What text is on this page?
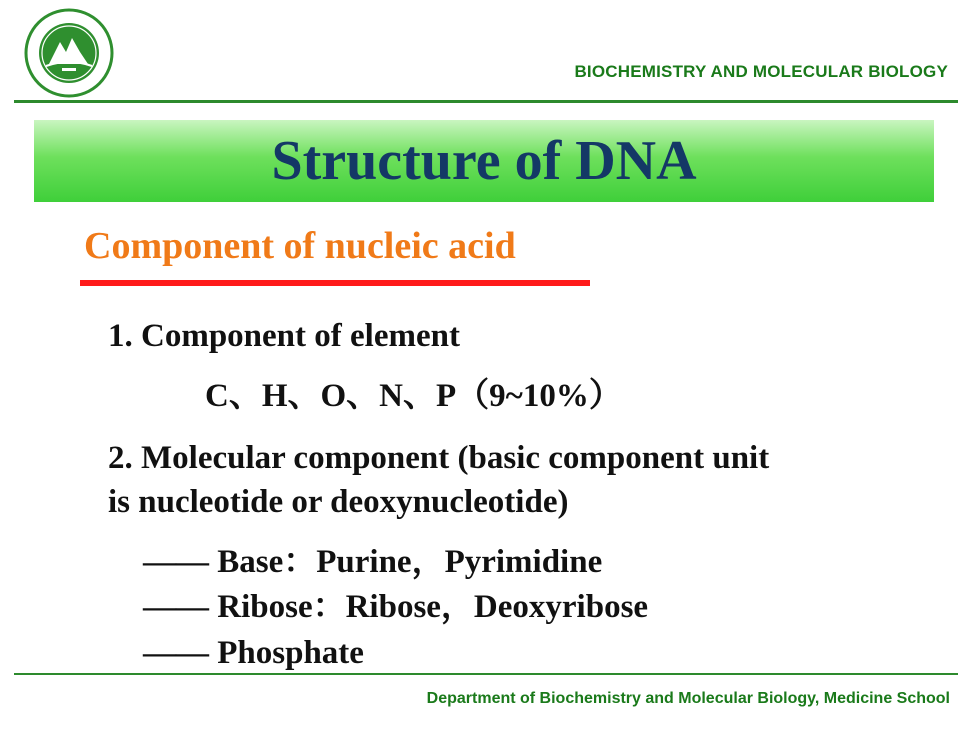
BIOCHEMISTRY AND MOLECULAR BIOLOGY
Structure of DNA
Component of nucleic acid
1. Component of element
C、H、O、N、P（9~10%）
2. Molecular component (basic component unit
is nucleotide or deoxynucleotide)
—— Base：Purine，Pyrimidine
—— Ribose：Ribose，Deoxyribose
—— Phosphate
Department of Biochemistry and Molecular Biology, Medicine School
